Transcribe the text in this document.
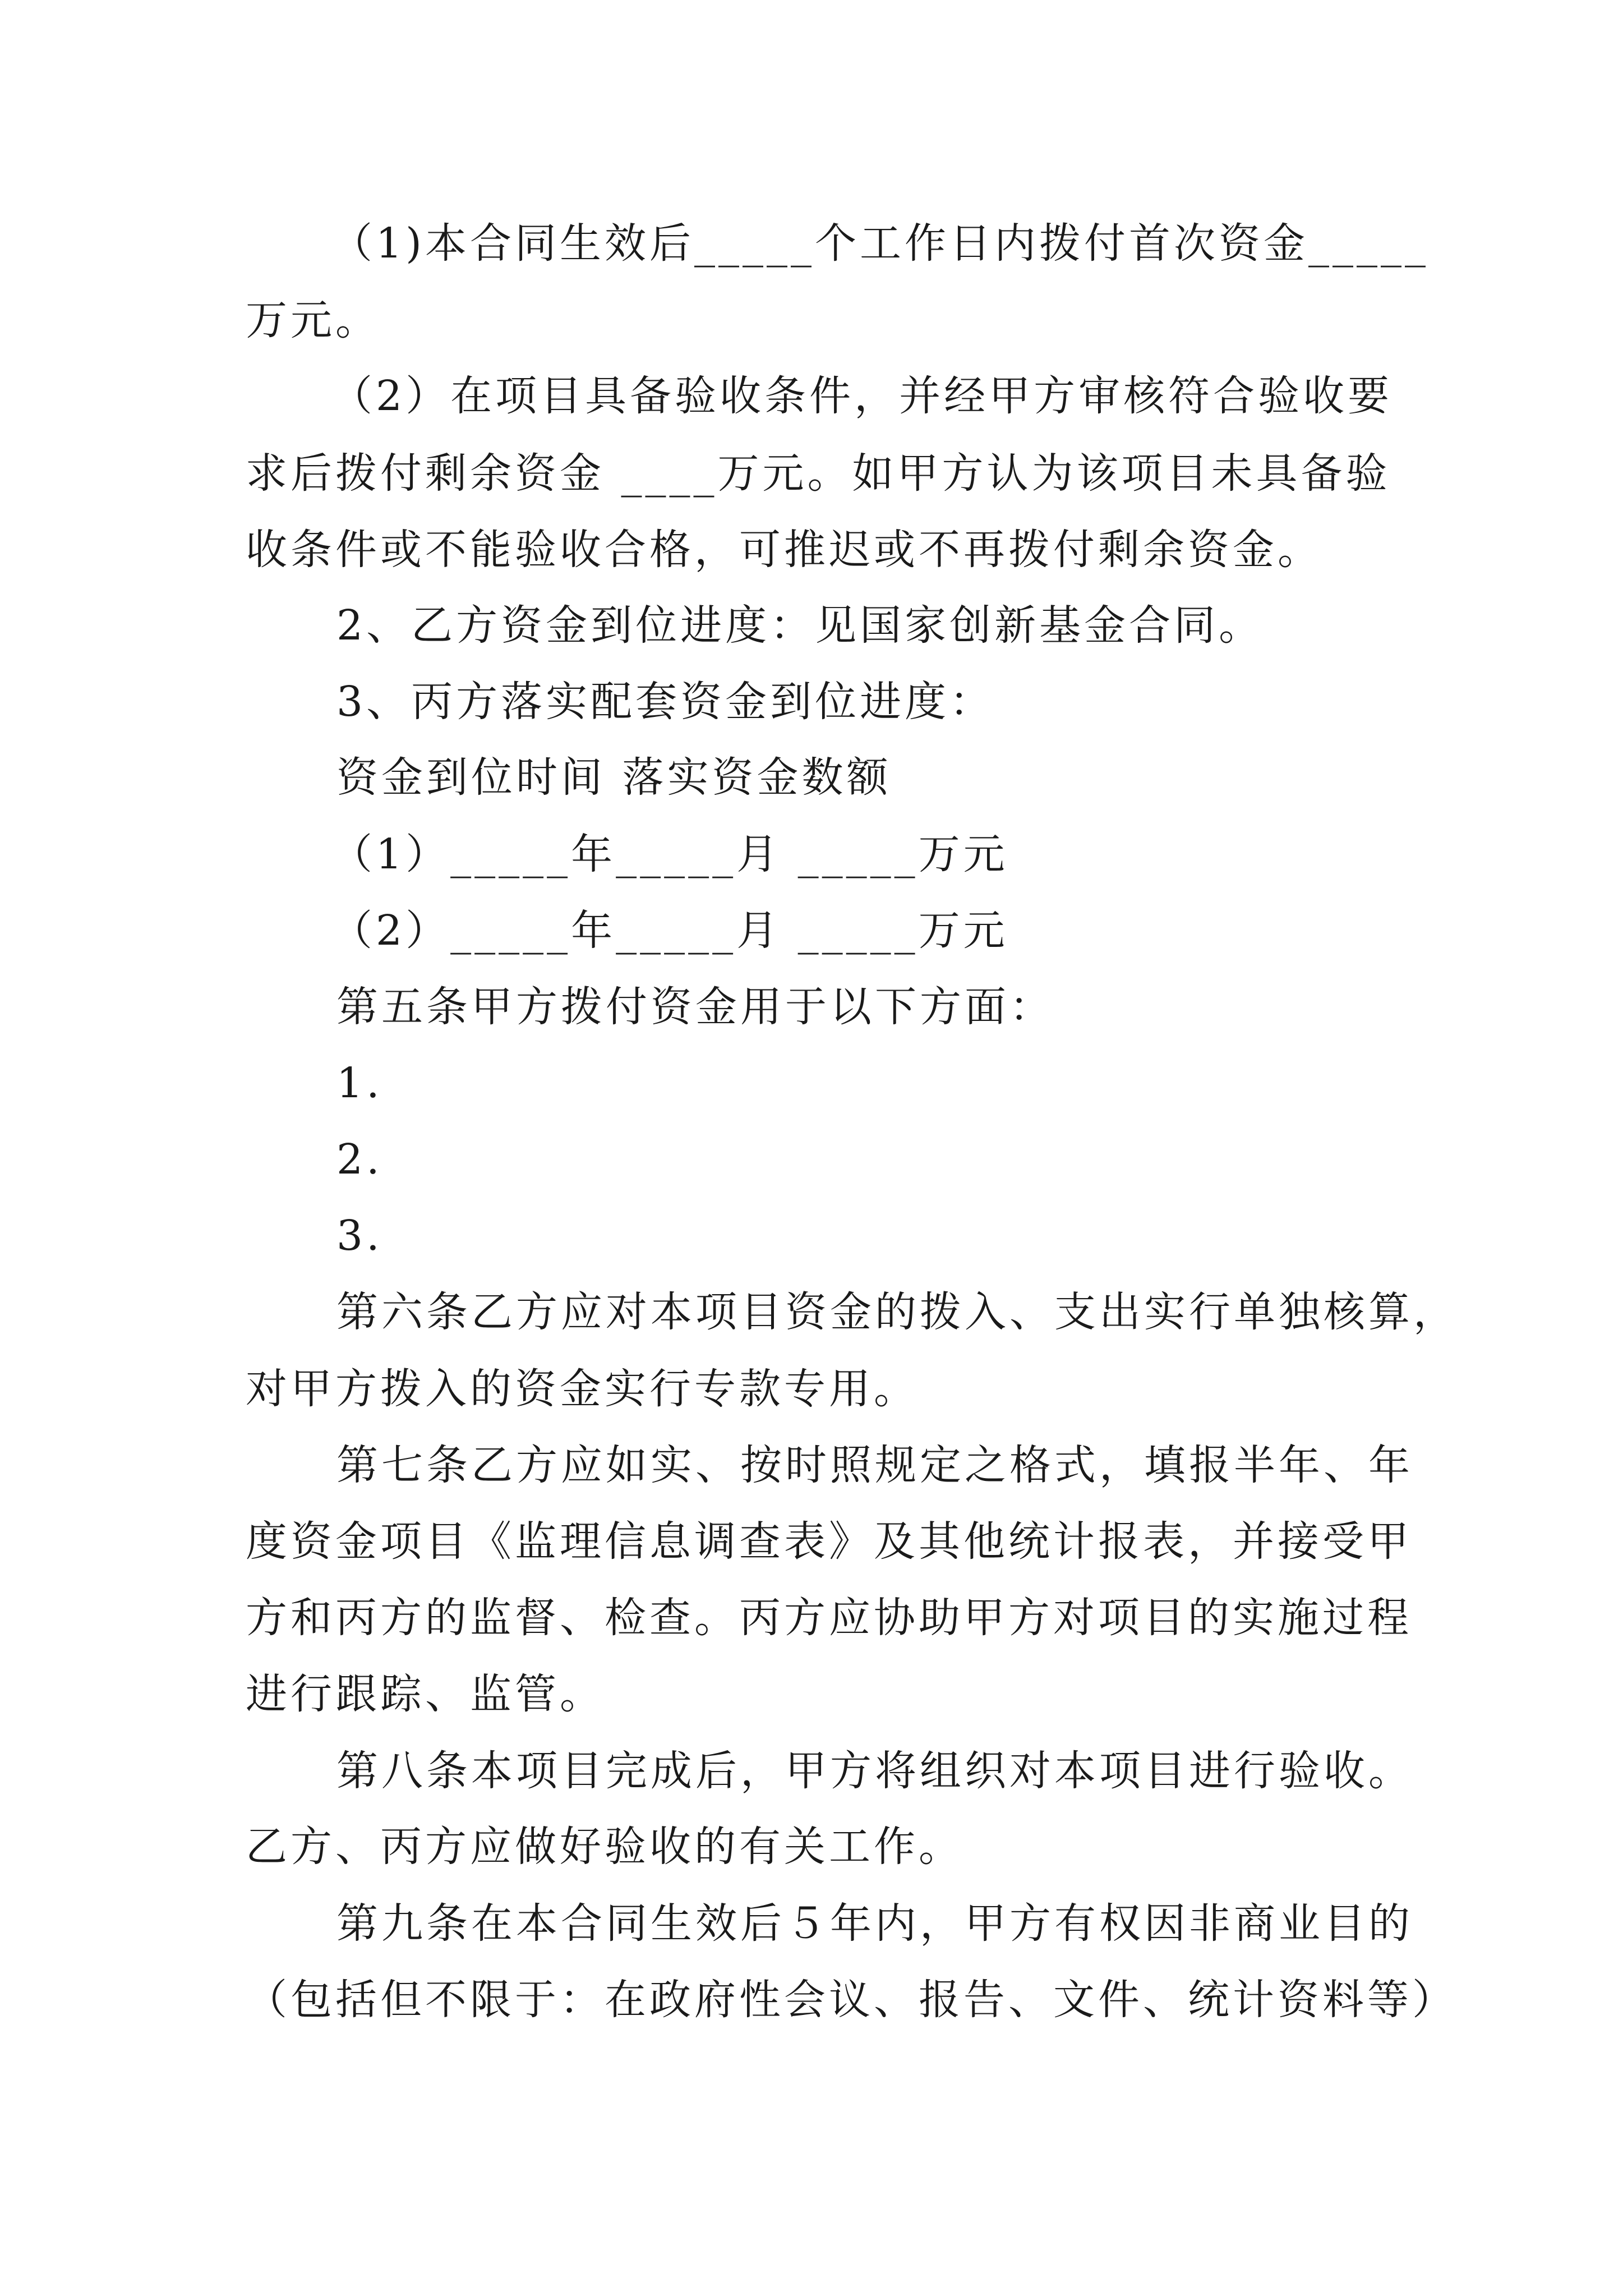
（1)本合同生效后_____个工作日内拨付首次资金_____
万元。
（2）在项目具备验收条件，并经甲方审核符合验收要
求后拨付剩余资金 ____万元。如甲方认为该项目未具备验
收条件或不能验收合格，可推迟或不再拨付剩余资金。
2、乙方资金到位进度：见国家创新基金合同。
3、丙方落实配套资金到位进度：
资金到位时间 落实资金数额
（1）_____年_____月 _____万元
（2）_____年_____月 _____万元
第五条甲方拨付资金用于以下方面：
1.
2.
3.
第六条乙方应对本项目资金的拨入、支出实行单独核算，
对甲方拨入的资金实行专款专用。
第七条乙方应如实、按时照规定之格式，填报半年、年
度资金项目《监理信息调查表》及其他统计报表，并接受甲
方和丙方的监督、检查。丙方应协助甲方对项目的实施过程
进行跟踪、监管。
第八条本项目完成后，甲方将组织对本项目进行验收。
乙方、丙方应做好验收的有关工作。
第九条在本合同生效后５年内，甲方有权因非商业目的
（包括但不限于：在政府性会议、报告、文件、统计资料等）
